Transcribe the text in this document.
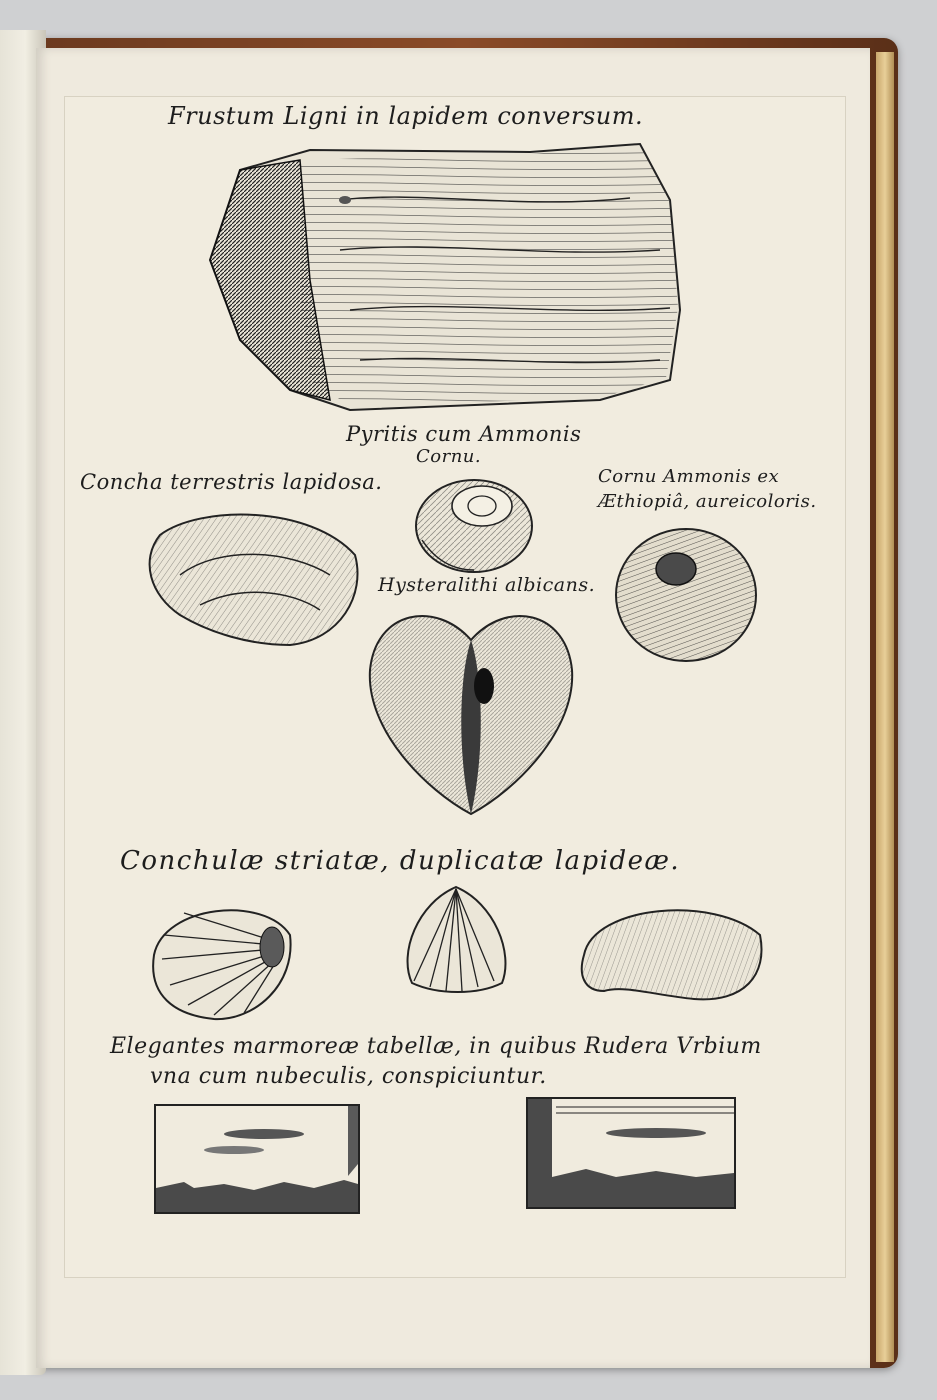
Frustum Ligni in lapidem conversum.

Pyritis cum Ammonis

Cornu.

Concha terrestris lapidosa.	Cornu Ammonis ex

Æthiopiâ, aureicoloris.

Hysteralithi albicans.

Conchulæ striatæ, duplicatæ lapideæ.

Elegantes marmoreæ tabellæ, in quibus Rudera Vrbium

vna cum nubeculis, conspiciuntur.
